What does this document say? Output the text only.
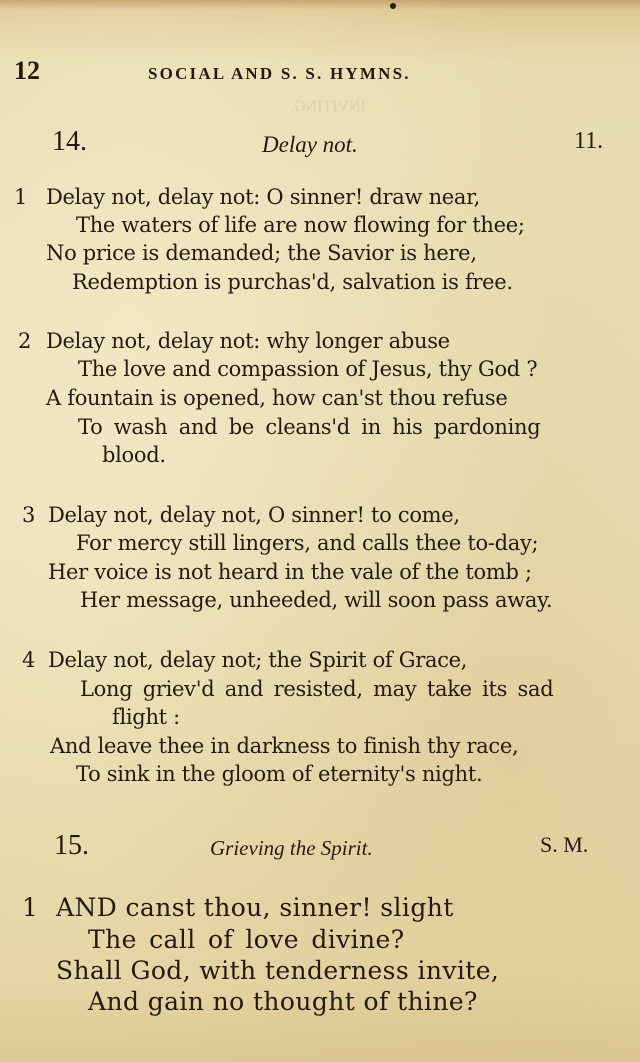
INVITING.
12	SOCIAL AND S. S. HYMNS.
14.	Delay not.	11.
1 Delay not, delay not: O sinner! draw near,
The waters of life are now flowing for thee;
No price is demanded; the Savior is here,
Redemption is purchas'd, salvation is free.
2 Delay not, delay not: why longer abuse
The love and compassion of Jesus, thy God ?
A fountain is opened, how can'st thou refuse
To wash and be cleans'd in his pardoning
blood.
3 Delay not, delay not, O sinner! to come,
For mercy still lingers, and calls thee to-day;
Her voice is not heard in the vale of the tomb ;
Her message, unheeded, will soon pass away.
4 Delay not, delay not; the Spirit of Grace,
Long griev'd and resisted, may take its sad
flight :
And leave thee in darkness to finish thy race,
To sink in the gloom of eternity's night.
15.	Grieving the Spirit.	S. M.
1 AND canst thou, sinner! slight
The call of love divine?
Shall God, with tenderness invite,
And gain no thought of thine?
